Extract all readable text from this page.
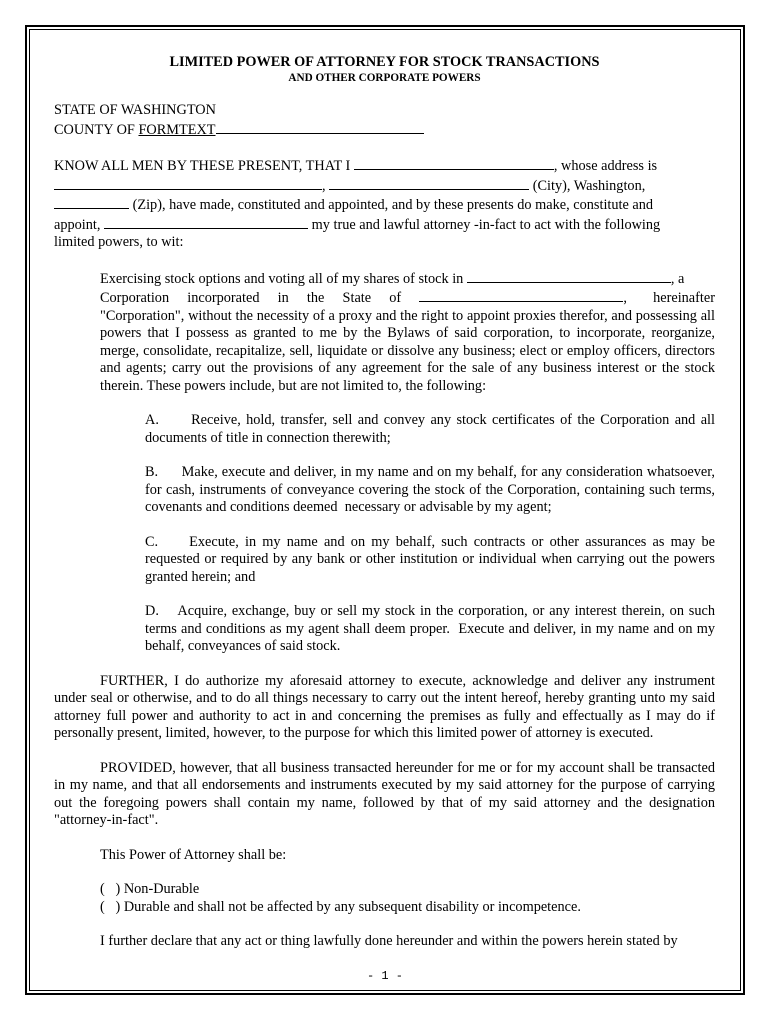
LIMITED POWER OF ATTORNEY FOR STOCK TRANSACTIONS

AND OTHER CORPORATE POWERS

STATE OF WASHINGTON

COUNTY OF FORMTEXT

KNOW ALL MEN BY THESE PRESENT, THAT I	, whose address is

,	(City), Washington,

(Zip), have made, constituted and appointed, and by these presents do make, constitute and

appoint,	my true and lawful attorney -in-fact to act with the following

limited powers, to wit:

Exercising stock options and voting all of my shares of stock in	, a

Corporation incorporated in the State of	, hereinafter

"Corporation", without the necessity of a proxy and the right to appoint proxies therefor, and possessing all powers that I possess as granted to me by the Bylaws of said corporation, to incorporate, reorganize, merge, consolidate, recapitalize, sell, liquidate or dissolve any business; elect or employ officers, directors and agents; carry out the provisions of any agreement for the sale of any business interest or the stock therein. These powers include, but are not limited to, the following:

A.      Receive, hold, transfer, sell and convey any stock certificates of the Corporation and all documents of title in connection therewith;

B.      Make, execute and deliver, in my name and on my behalf, for any consideration whatsoever, for cash, instruments of conveyance covering the stock of the Corporation, containing such terms, covenants and conditions deemed  necessary or advisable by my agent;

C.     Execute, in my name and on my behalf, such contracts or other assurances as may be requested or required by any bank or other institution or individual when carrying out the powers granted herein; and

D.    Acquire, exchange, buy or sell my stock in the corporation, or any interest therein, on such terms and conditions as my agent shall deem proper.  Execute and deliver, in my name and on my behalf, conveyances of said stock.

FURTHER, I do authorize my aforesaid attorney to execute, acknowledge and deliver any instrument under seal or otherwise, and to do all things necessary to carry out the intent hereof, hereby granting unto my said attorney full power and authority to act in and concerning the premises as fully and effectually as I may do if personally present, limited, however, to the purpose for which this limited power of attorney is executed.

PROVIDED, however, that all business transacted hereunder for me or for my account shall be transacted in my name, and that all endorsements and instruments executed by my said attorney for the purpose of carrying out the foregoing powers shall contain my name, followed by that of my said attorney and the designation "attorney-in-fact".

This Power of Attorney shall be:

(   ) Non-Durable

(   ) Durable and shall not be affected by any subsequent disability or incompetence.

I further declare that any act or thing lawfully done hereunder and within the powers herein stated by

- 1 -
